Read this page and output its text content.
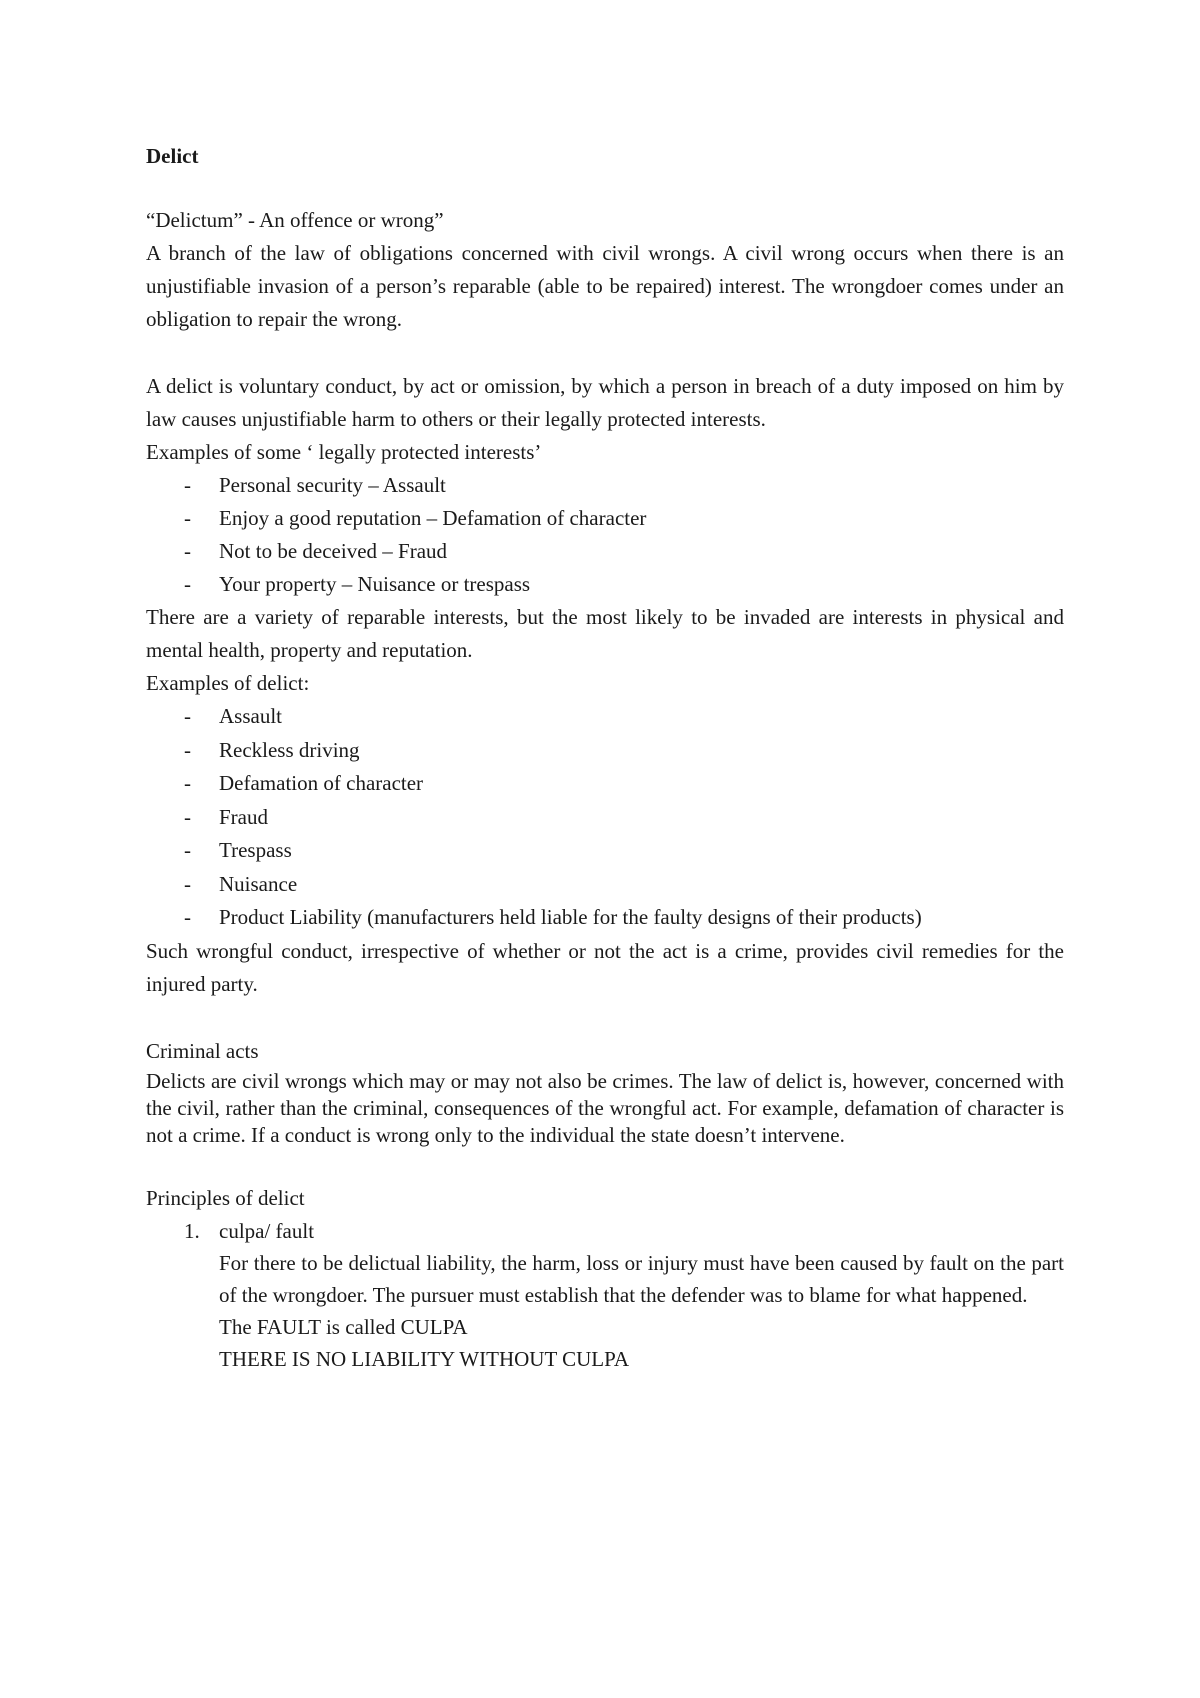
Delict

“Delictum” - An offence or wrong”

A branch of the law of obligations concerned with civil wrongs. A civil wrong occurs when there is an unjustifiable invasion of a person’s reparable (able to be repaired) interest. The wrongdoer comes under an obligation to repair the wrong.

A delict is voluntary conduct, by act or omission, by which a person in breach of a duty imposed on him by law causes unjustifiable harm to others or their legally protected interests.

Examples of some ‘ legally protected interests’

- Personal security – Assault
- Enjoy a good reputation – Defamation of character
- Not to be deceived – Fraud
- Your property – Nuisance or trespass

There are a variety of reparable interests, but the most likely to be invaded are interests in physical and mental health, property and reputation.

Examples of delict:

- Assault
- Reckless driving
- Defamation of character
- Fraud
- Trespass
- Nuisance
- Product Liability (manufacturers held liable for the faulty designs of their products)

Such wrongful conduct, irrespective of whether or not the act is a crime, provides civil remedies for the injured party.

Criminal acts

Delicts are civil wrongs which may or may not also be crimes. The law of delict is, however, concerned with the civil, rather than the criminal, consequences of the wrongful act. For example, defamation of character is not a crime. If a conduct is wrong only to the individual the state doesn’t intervene.

Principles of delict

1. culpa/ fault

For there to be delictual liability, the harm, loss or injury must have been caused by fault on the part of the wrongdoer. The pursuer must establish that the defender was to blame for what happened.

The FAULT is called CULPA

THERE IS NO LIABILITY WITHOUT CULPA
